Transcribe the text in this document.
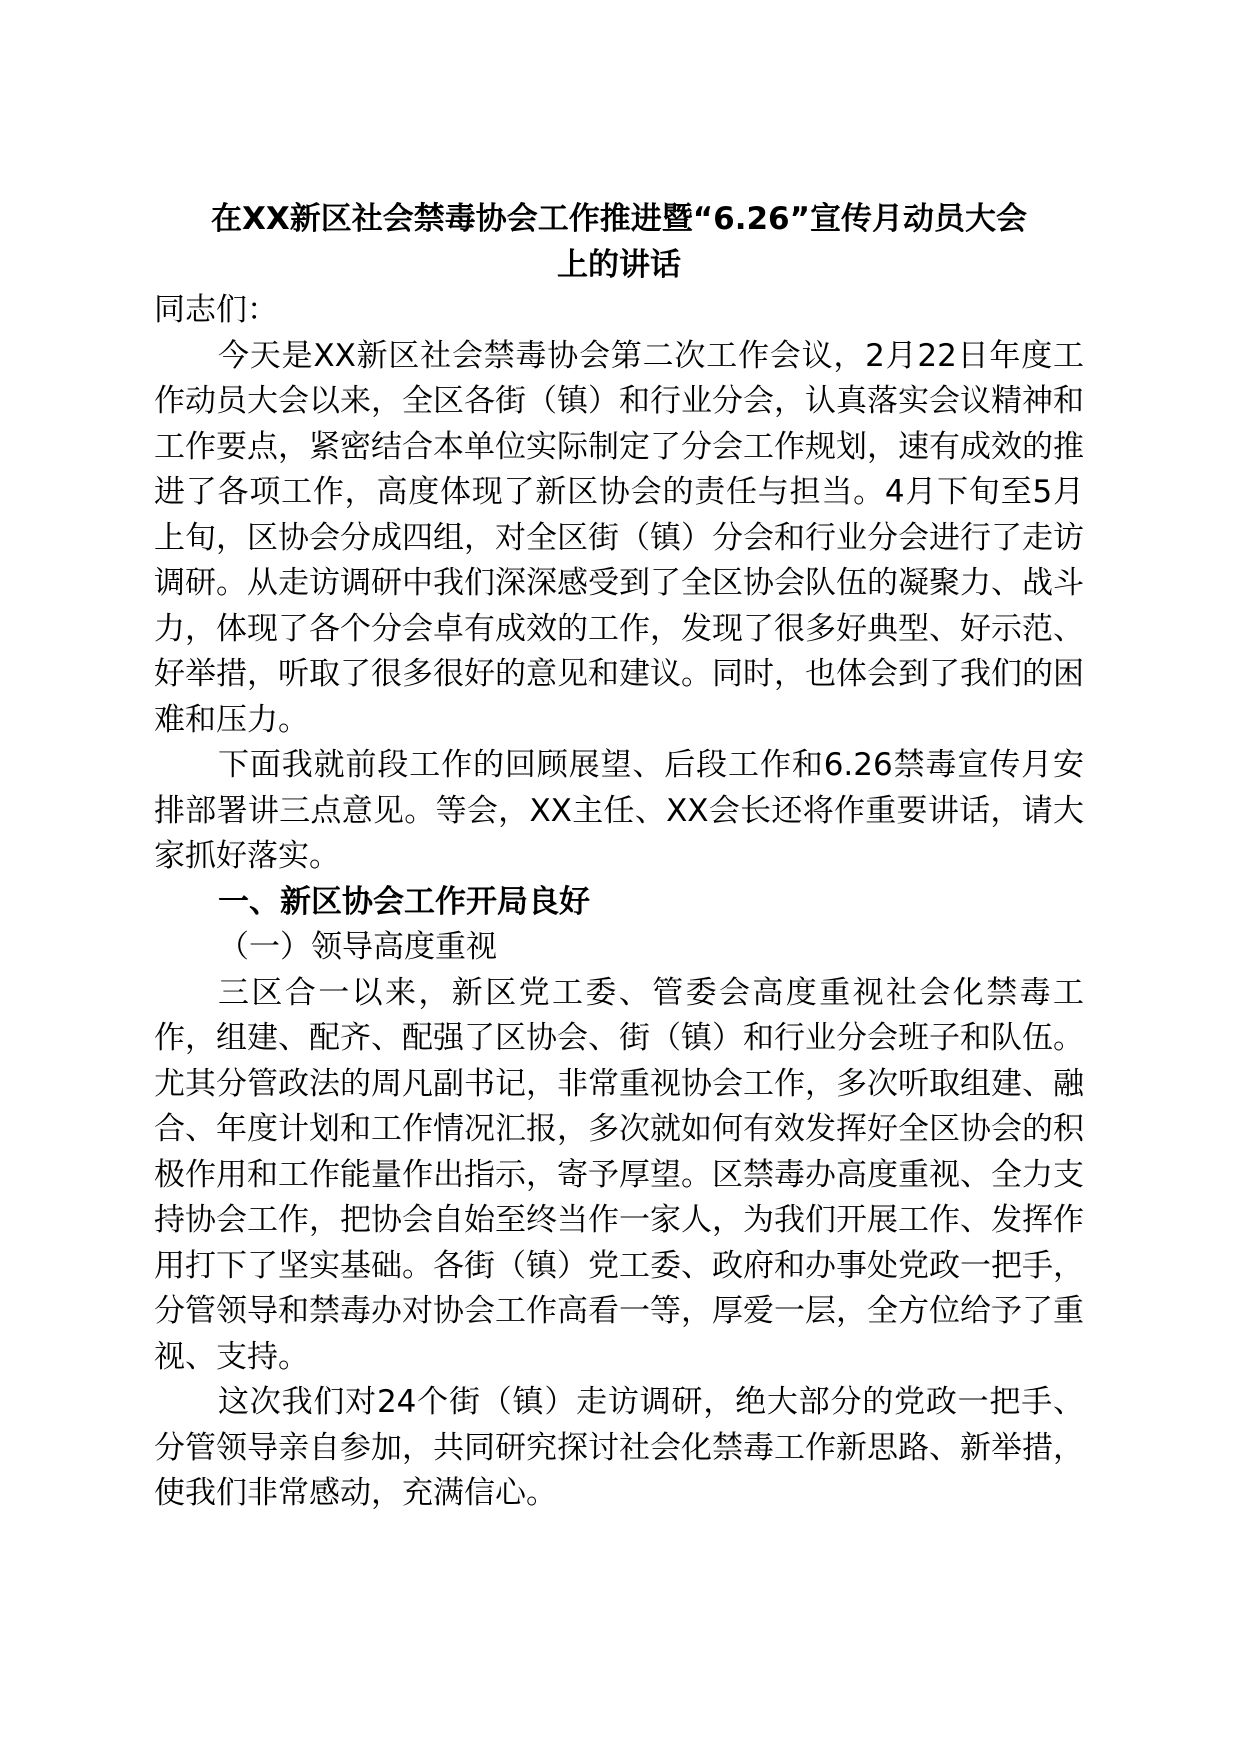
在XX新区社会禁毒协会工作推进暨“6.26”宣传月动员大会

上的讲话

同志们：

今天是XX新区社会禁毒协会第二次工作会议，2月22日年度工作动员大会以来，全区各街（镇）和行业分会，认真落实会议精神和工作要点，紧密结合本单位实际制定了分会工作规划，速有成效的推进了各项工作，高度体现了新区协会的责任与担当。4月下旬至5月上旬，区协会分成四组，对全区街（镇）分会和行业分会进行了走访调研。从走访调研中我们深深感受到了全区协会队伍的凝聚力、战斗力，体现了各个分会卓有成效的工作，发现了很多好典型、好示范、好举措，听取了很多很好的意见和建议。同时，也体会到了我们的困难和压力。

下面我就前段工作的回顾展望、后段工作和6.26禁毒宣传月安排部署讲三点意见。等会，XX主任、XX会长还将作重要讲话，请大家抓好落实。

一、新区协会工作开局良好

（一）领导高度重视

三区合一以来，新区党工委、管委会高度重视社会化禁毒工作，组建、配齐、配强了区协会、街（镇）和行业分会班子和队伍。尤其分管政法的周凡副书记，非常重视协会工作，多次听取组建、融合、年度计划和工作情况汇报，多次就如何有效发挥好全区协会的积极作用和工作能量作出指示，寄予厚望。区禁毒办高度重视、全力支持协会工作，把协会自始至终当作一家人，为我们开展工作、发挥作用打下了坚实基础。各街（镇）党工委、政府和办事处党政一把手，分管领导和禁毒办对协会工作高看一等，厚爱一层，全方位给予了重视、支持。

这次我们对24个街（镇）走访调研，绝大部分的党政一把手、分管领导亲自参加，共同研究探讨社会化禁毒工作新思路、新举措，使我们非常感动，充满信心。
